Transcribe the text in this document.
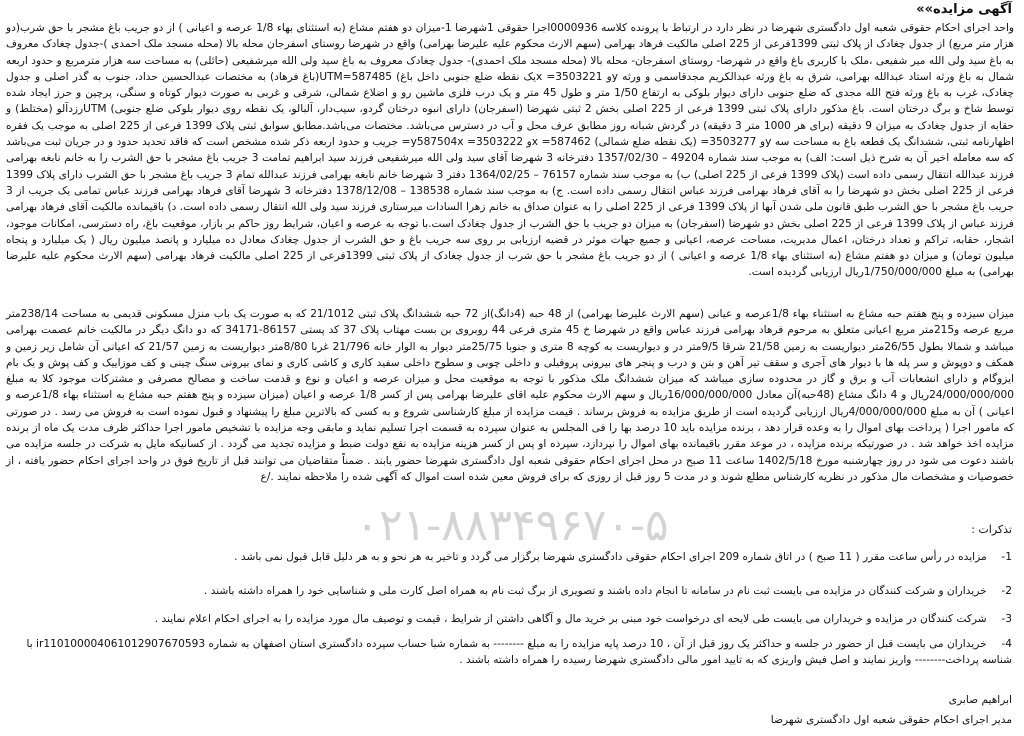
آگهی مزایده»»

واحد اجرای احکام حقوقی شعبه اول دادگستری شهرضا در نظر دارد در ارتباط با پرونده کلاسه 0000936اجرا حقوقی 1شهرضا 1-میزان دو هفتم مشاع (به استثنای بهاء 1/8 عرصه و اعیانی ) از دو جریب باغ مشجر با حق شرب(دو هزار متر مربع) از جدول چغادک از پلاک ثبتی 1399فرعی از 225 اصلی مالکیت فرهاد بهرامی (سهم الارث محکوم علیه علیرضا بهرامی) واقع در شهرضا روستای اسفرجان محله بالا (محله مسجد ملک احمدی )-جدول چغادک معروف به باغ سید ولی الله میر شفیعی ،ملک با کاربری باغ واقع در شهرضا- روستای اسفرجان- محله بالا (محله مسجد ملک احمدی)- جدول چغادک معروف به باغ سید ولی الله میرشفیعی (حائلی) به مساحت سه هزار مترمربع و حدود اربعه شمال به باغ ورثه استاد عبدالله بهرامی، شرق به باغ ورثه عبدالکریم مجدقاسمی و ورثه yو 3503221= xیک نقطه ضلع جنوبی داخل باغ) 587485=UTM(باغ فرهاد) به مختصات عبدالحسین حداد، جنوب به گذر اصلی و جدول چغادک، غرب به باغ ورثه فتح الله مجدی که ضلع جنوبی دارای دیوار بلوکی به ارتفاع 1/50 متر و طول 45 متر و یک درب فلزی ماشین رو و اضلاع شمالی، شرقی و غربی به صورت دیوار کوتاه و سنگی، پرچین و حرز ایجاد شده توسط شاخ و برگ درختان است. باغ مذکور دارای پلاک ثبتی 1399 فرعی از 225 اصلی بخش 2 ثبتی شهرضا (اسفرجان) دارای انبوه درختان گردو، سیب‌دار، آلبالو، یک نقطه روی دیوار بلوکی ضلع جنوبی) UTMرزدآلو (مختلط) و حقابه از جدول چغادک به میزان 9 دقیقه (برای هر 1000 متر 3 دقیقه) در گردش شبانه روز مطابق عرف محل و آب در دسترس می‌باشد. مختصات می‌باشد.مطابق سوابق ثبتی پلاک 1399 فرعی از 225 اصلی به موجب یک فقره اظهارنامه ثبتی، ششدانگ یک قطعه باغ به مساحت سه yو 3503277= (یک نقطه ضلع شمالی) 587462= xو 3503222= y587504x= جریب و حدود اربعه ذکر شده مشخص است که فاقد تحدید حدود و در جریان ثبت می‌باشد که سه معامله اخیر آن به شرح ذیل است: الف) به موجب سند شماره 49204 – 1357/02/30 دفترخانه 3 شهرضا آقای سید ولی الله میرشفیعی فرزند سید ابراهیم تمامت 3 جریب باغ مشجر با حق الشرب را به خانم نابغه بهرامی فرزند عبدالله انتقال رسمی داده است (پلاک 1399 فرعی از 225 اصلی) ب) به موجب سند شماره 76157 – 1364/02/25 دفتر 3 شهرضا خانم نابغه بهرامی فرزند عبدالله تمام 3 جریب باغ مشجر با حق الشرب دارای پلاک 1399 فرعی از 225 اصلی بخش دو شهرضا را به آقای فرهاد بهرامی فرزند عباس انتقال رسمی داده است. ج) به موجب سند شماره 138538 – 1378/12/08 دفترخانه 3 شهرضا آقای فرهاد بهرامی فرزند عباس تمامی یک جریب از 3 جریب باغ مشجر با حق الشرب طبق قانون ملی شدن آبها از پلاک 1399 فرعی از 225 اصلی را به عنوان صداق به خانم زهرا السادات میرستاری فرزند سید ولی الله انتقال رسمی داده است. د) باقیمانده مالکیت آقای فرهاد بهرامی فرزند عباس از پلاک 1399 فرعی از 225 اصلی بخش دو شهرضا (اسفرجان) به میزان دو جریب با حق الشرب از جدول چغادک است.با توجه به عرصه و اعیان، شرایط روز حاکم بر بازار، موقعیت باغ، راه دسترسی، امکانات موجود، اشجار، حقابه، تراکم و تعداد درختان، اعمال مدیریت، مساحت عرصه، اعیانی و جمیع جهات موثر در قضیه ارزیابی بر روی سه جریب باغ و حق الشرب از جدول چغادک معادل ده میلیارد و پانصد میلیون ریال ( یک میلیارد و پنجاه میلیون تومان) و میزان دو هفتم مشاع (به استثنای بهاء 1/8 عرصه و اعیانی ) از دو جریب باغ مشجر با حق شرب از جدول چغادک از پلاک ثبتی 1399فرعی از 225 اصلی مالکیت فرهاد بهرامی (سهم الارث محکوم علیه علیرضا بهرامی) به مبلغ 1/750/000/000ریال ارزیابی گردیده است.

میزان سیزده و پنج هفتم حبه مشاع به استثناء بهاء 1/8عرصه و عیانی (سهم الارث علیرضا بهرامی) از 48 حبه (4دانگ)از 72 حبه ششدانگ پلاک ثبتی 21/1012 که به صورت یک باب منزل مسکونی قدیمی به مساحت 238/14متر مربع عرصه و215متر مربع اعیانی متعلق به مرحوم فرهاد بهرامی فرزند عباس واقع در شهرضا خ 45 متری فرعی 44 روبروی بن بست مهتاب پلاک 37 کد پستی 86157-34171 که دو دانگ دیگر در مالکیت خانم عصمت بهرامی میباشد و شمالا بطول 26/55متر دیواریست به زمین 21/58 شرقا 9/5متر در و دیواریست به کوچه 8 متری و جنوبا 25/75متر دیوار به الوار خانه 21/796 غربا 8/80متر دیواریست به زمین 21/57 که اعیانی آن شامل زیر زمین و همکف و دوپوش و سر پله ها با دیوار های آجری و سقف تیر آهن و بتن و درب و پنجر های بیرونی پروفیلی و داخلی چوبی و سطوح داخلی سفید کاری و کاشی کاری و نمای بیرونی سنگ چینی و کف موزاییک و کف پوش و یک بام ایزوگام و دارای انشعابات آب و برق و گاز در محدوده سازی میباشد که میزان ششدانگ ملک مذکور با توجه به موقعیت محل و میزان عرصه و اعیان و نوع و قدمت ساخت و مصالح مصرفی و مشترکات موجود کلا به مبلغ 24/000/000/000ریال و 4 دانگ مشاع (48حبه)آن معادل 16/000/000/000ریال و سهم الارث محکوم علیه اقای علیرضا بهرامی پس از کسر 1/8 عرصه و اعیان (میزان سیزده و پنج هفتم حبه مشاع به استثناء بهاء 1/8عرصه و اعیانی ) آن به مبلغ 4/000/000/000ریال ارزیابی گردیده است از طریق مزایده به فروش برساند . قیمت مزایده از مبلغ کارشناسی شروع و به کسی که بالاترین مبلغ را پیشنهاد و قبول نموده است به فروش می رسد . در صورتی که مامور اجرا ( پرداخت بهای اموال را به وعده قرار دهد ، برنده مزایده باید 10 درصد بها را فی المجلس به عنوان سپرده به قسمت اجرا تسلیم نماید و مابقی وجه مزایده با تشخیص مامور اجرا حداکثر ظرف مدت یک ماه از برنده مزایده اخذ خواهد شد . در صورتیکه برنده مزایده ، در موعد مقرر باقیمانده بهای اموال را نپردازد، سپرده او پس از کسر هزینه مزایده به نفع دولت ضبط و مزایده تجدید می گردد . از کسانیکه مایل به شرکت در جلسه مزایده می باشند دعوت می شود در روز چهارشنبه مورخ 1402/5/18 ساعت 11 صبح در محل اجرای احکام حقوقی شعبه اول دادگستری شهرضا حضور یابند . ضمناً متقاضیان می توانند قبل از تاریخ فوق در واحد اجرای احکام حضور یافته ، از خصوصیات و مشخصات مال مذکور در نظریه کارشناس مطلع شوند و در مدت 5 روز قبل از روزی که برای فروش معین شده است اموال که آگهی شده را ملاحظه نمایند ./ع

۰۲۱-۸۸۳۴۹۶۷۰-۵	تذکرات :
1- مزایده در رأس ساعت مقرر ( 11 صبح ) در اتاق شماره 209 اجرای احکام حقوقی دادگستری شهرضا برگزار می گردد و تاخیر به هر نحو و به هر دلیل قابل قبول نمی باشد .
2- خریداران و شرکت کنندگان در مزایده می بایست ثبت نام در سامانه تا انجام داده باشند و تصویری از برگ ثبت نام به همراه اصل کارت ملی و شناسایی خود را همراه داشته باشند .
3- شرکت کنندگان در مزایده و خریداران می بایست طی لایحه ای درخواست خود مبنی بر خرید مال و آگاهی داشتن از شرایط ، قیمت و توصیف مال مورد مزایده را به اجرای احکام اعلام نمایند .
4- خریداران می بایست قبل از حضور در جلسه و حداکثر یک روز قبل از آن ، 10 درصد پایه مزایده را به مبلغ -------- به شماره شبا حساب سپرده دادگستری استان اصفهان به شماره ir110100004061012907670593 با شناسه پرداخت-------- واریز نمایند و اصل فیش واریزی که به تایید امور مالی دادگستری شهرضا رسیده را همراه داشته باشند .
ابراهیم صابری
مدیر اجرای احکام حقوقی شعبه اول دادگستری شهرضا
